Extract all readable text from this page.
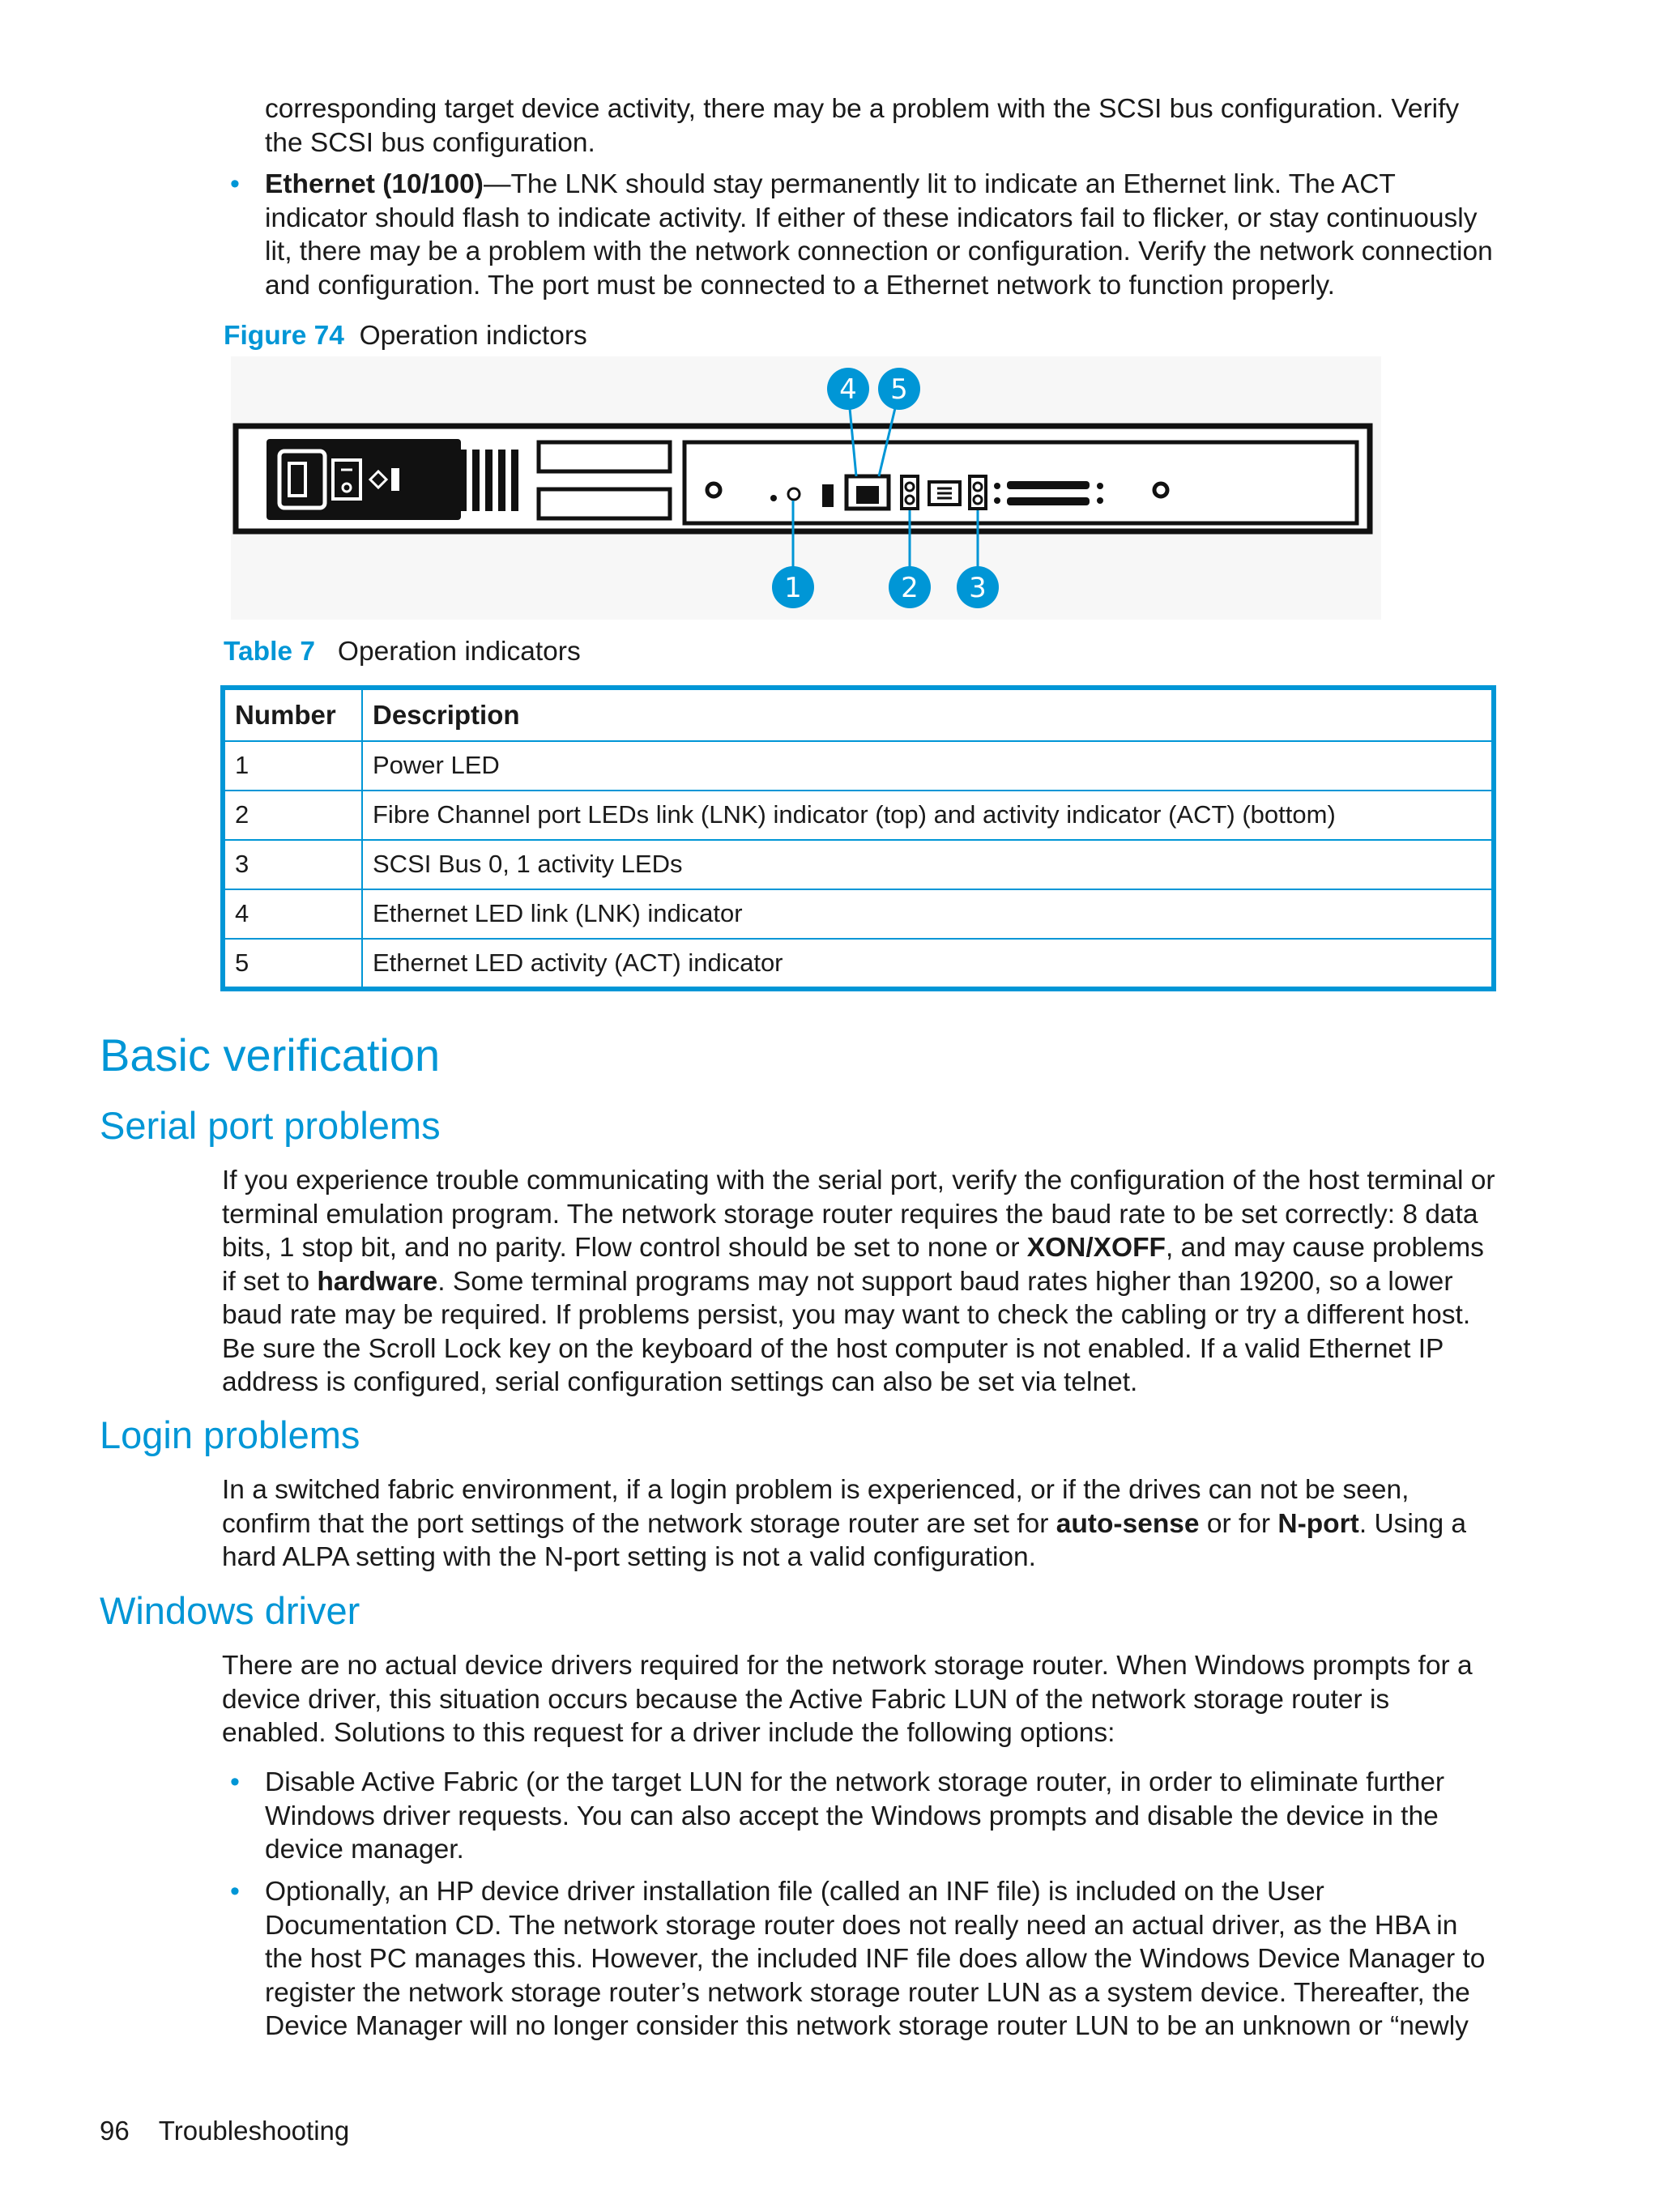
corresponding target device activity, there may be a problem with the SCSI bus configuration. Verify the SCSI bus configuration.

• Ethernet (10/100)—The LNK should stay permanently lit to indicate an Ethernet link. The ACT indicator should flash to indicate activity. If either of these indicators fail to flicker, or stay continuously lit, there may be a problem with the network connection or configuration. Verify the network connection and configuration. The port must be connected to a Ethernet network to function properly.

Figure 74 Operation indictors
4 5
1	2 3
Table 7 Operation indicators
Number	Description
1	Power LED
2	Fibre Channel port LEDs link (LNK) indicator (top) and activity indicator (ACT) (bottom)
3	SCSI Bus 0, 1 activity LEDs
4	Ethernet LED link (LNK) indicator
5	Ethernet LED activity (ACT) indicator
Basic verification
Serial port problems

If you experience trouble communicating with the serial port, verify the configuration of the host terminal or terminal emulation program. The network storage router requires the baud rate to be set correctly: 8 data bits, 1 stop bit, and no parity. Flow control should be set to none or XON/XOFF, and may cause problems if set to hardware. Some terminal programs may not support baud rates higher than 19200, so a lower baud rate may be required. If problems persist, you may want to check the cabling or try a different host. Be sure the Scroll Lock key on the keyboard of the host computer is not enabled. If a valid Ethernet IP address is configured, serial configuration settings can also be set via telnet.

Login problems

In a switched fabric environment, if a login problem is experienced, or if the drives can not be seen, confirm that the port settings of the network storage router are set for auto-sense or for N-port. Using a hard ALPA setting with the N-port setting is not a valid configuration.

Windows driver

There are no actual device drivers required for the network storage router. When Windows prompts for a device driver, this situation occurs because the Active Fabric LUN of the network storage router is enabled. Solutions to this request for a driver include the following options:

• Disable Active Fabric (or the target LUN for the network storage router, in order to eliminate further Windows driver requests. You can also accept the Windows prompts and disable the device in the device manager.

• Optionally, an HP device driver installation file (called an INF file) is included on the User Documentation CD. The network storage router does not really need an actual driver, as the HBA in the host PC manages this. However, the included INF file does allow the Windows Device Manager to register the network storage router’s network storage router LUN as a system device. Thereafter, the Device Manager will no longer consider this network storage router LUN to be an unknown or “newly

96 Troubleshooting
